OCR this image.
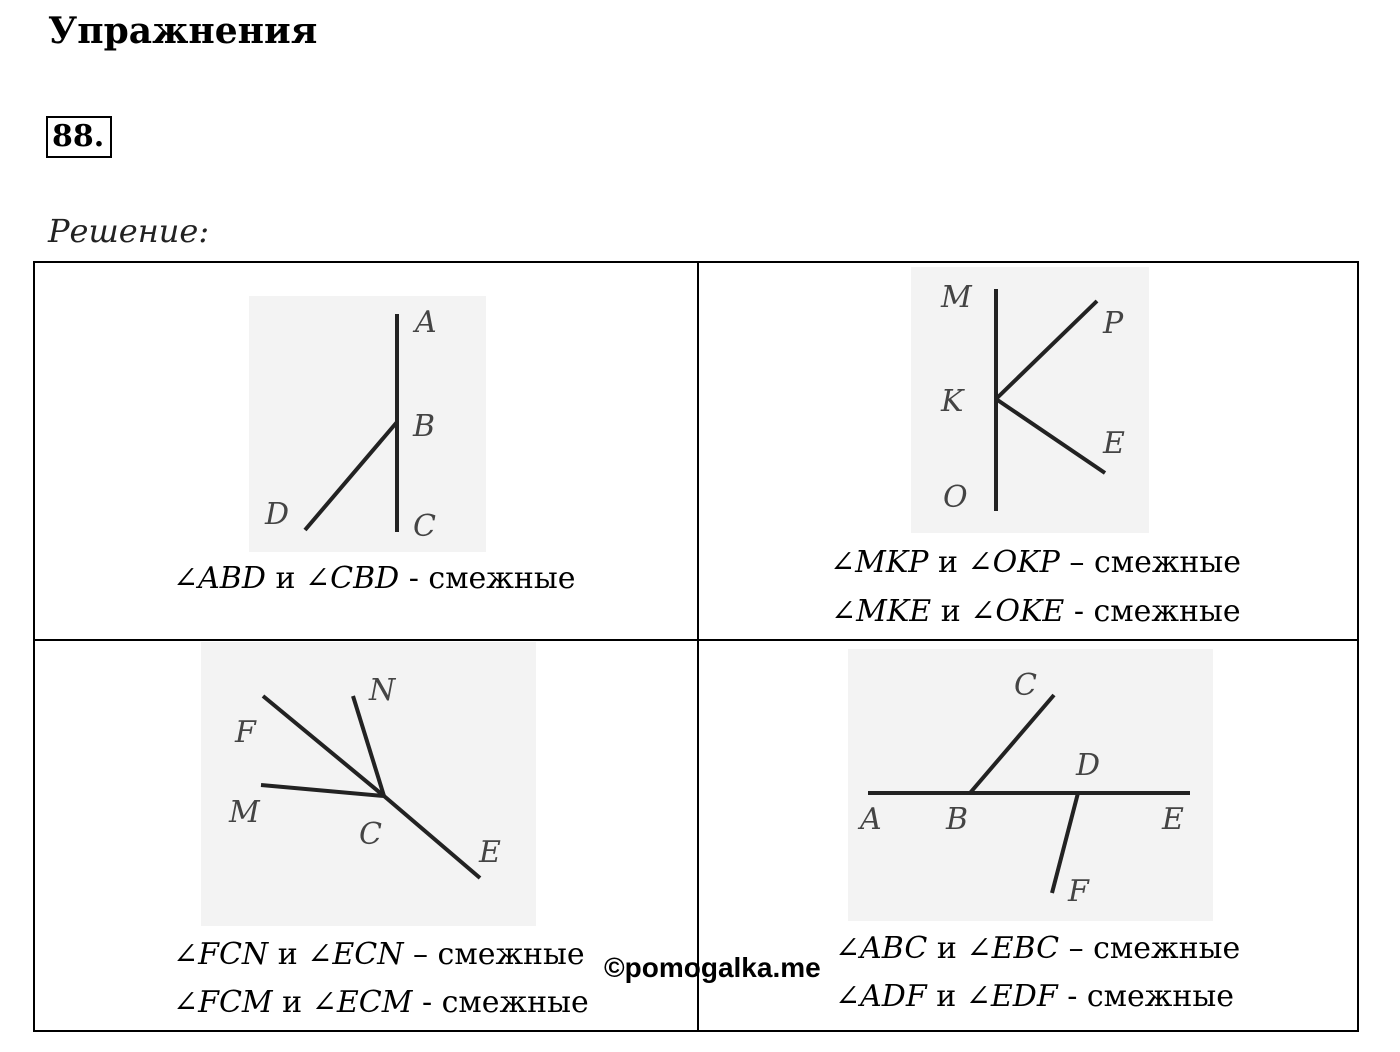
Упражнения
88.
Решение:
A
B
C
D
∠ABD и ∠CBD - смежные
M
P
K
E
O
∠MKP и ∠OKP – смежные
∠MKE и ∠OKE - смежные
F
N
M
C
E
∠FCN и ∠ECN – смежные
∠FCM и ∠ECM - смежные
C
D
A B	E
F
∠ABC и ∠EBC – смежные
∠ADF и ∠EDF - смежные
©pomogalka.me
